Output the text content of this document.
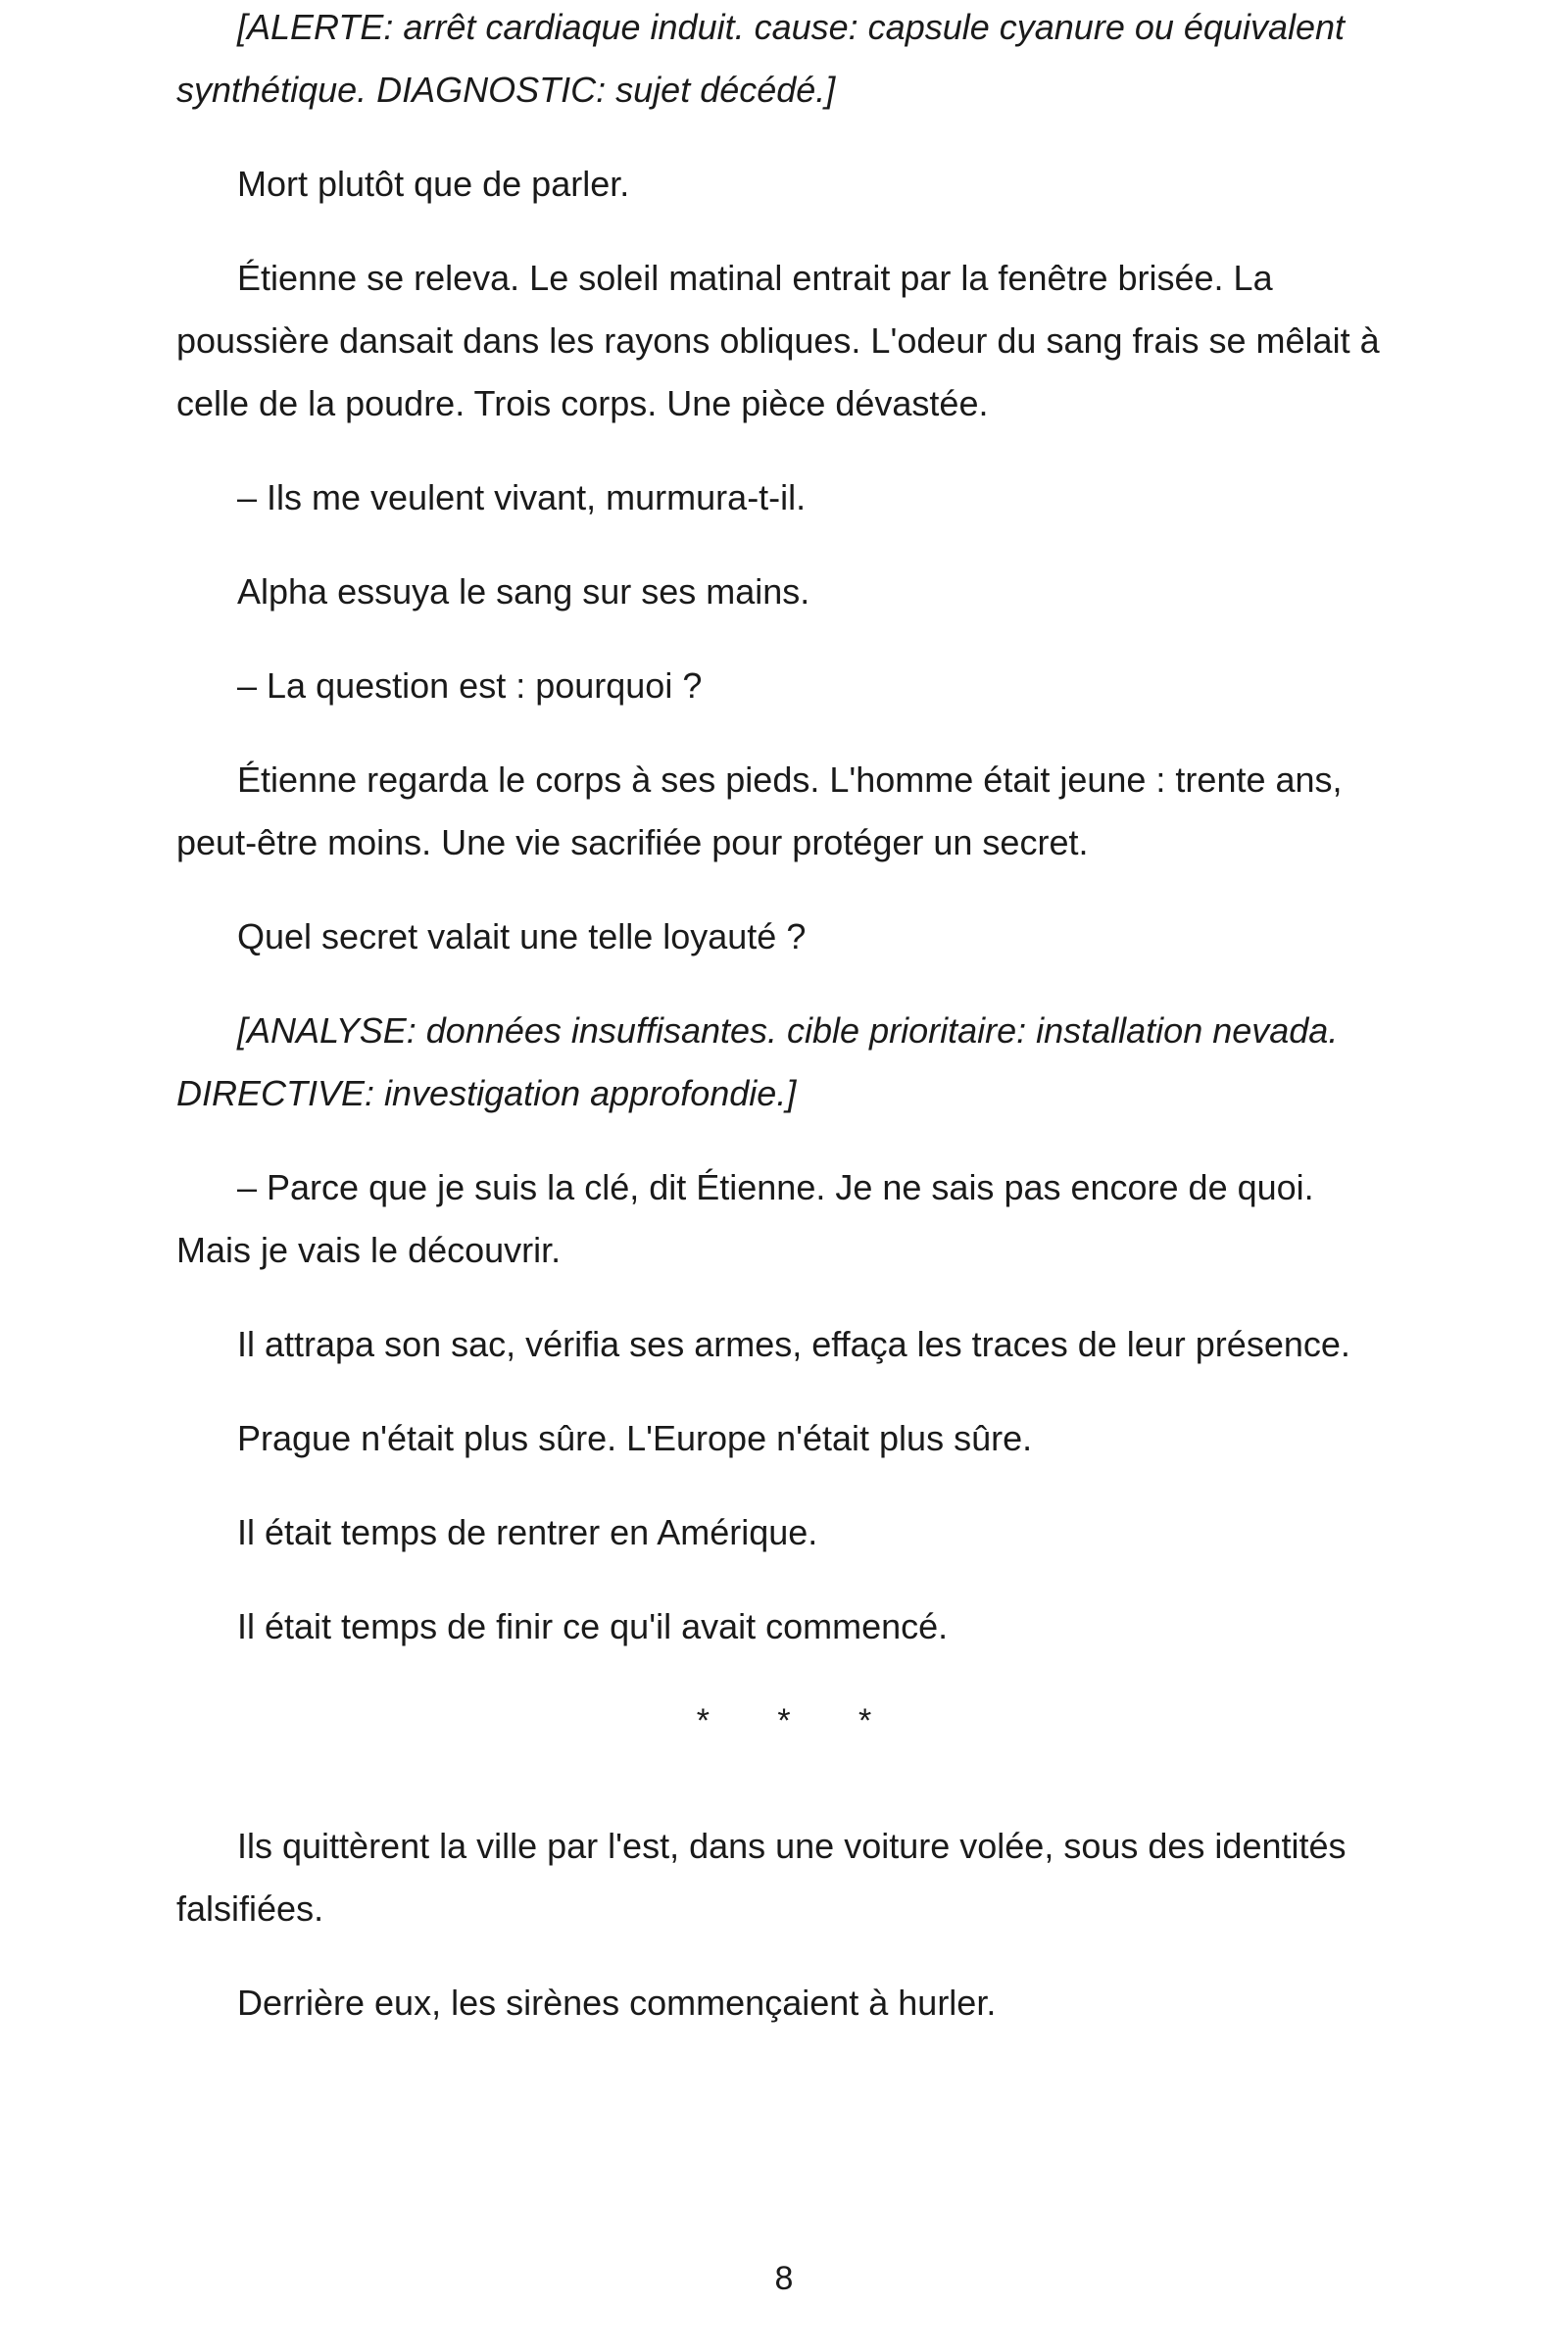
[ALERTE: arrêt cardiaque induit. cause: capsule cyanure ou équivalent synthétique. DIAGNOSTIC: sujet décédé.]

Mort plutôt que de parler.

Étienne se releva. Le soleil matinal entrait par la fenêtre brisée. La poussière dansait dans les rayons obliques. L'odeur du sang frais se mêlait à celle de la poudre. Trois corps. Une pièce dévastée.

– Ils me veulent vivant, murmura-t-il.

Alpha essuya le sang sur ses mains.

– La question est : pourquoi ?

Étienne regarda le corps à ses pieds. L'homme était jeune : trente ans, peut-être moins. Une vie sacrifiée pour protéger un secret.

Quel secret valait une telle loyauté ?

[ANALYSE: données insuffisantes. cible prioritaire: installation nevada. DIRECTIVE: investigation approfondie.]

– Parce que je suis la clé, dit Étienne. Je ne sais pas encore de quoi. Mais je vais le découvrir.

Il attrapa son sac, vérifia ses armes, effaça les traces de leur présence.

Prague n'était plus sûre. L'Europe n'était plus sûre.

Il était temps de rentrer en Amérique.

Il était temps de finir ce qu'il avait commencé.

* * *

Ils quittèrent la ville par l'est, dans une voiture volée, sous des identités falsifiées.

Derrière eux, les sirènes commençaient à hurler.

8
